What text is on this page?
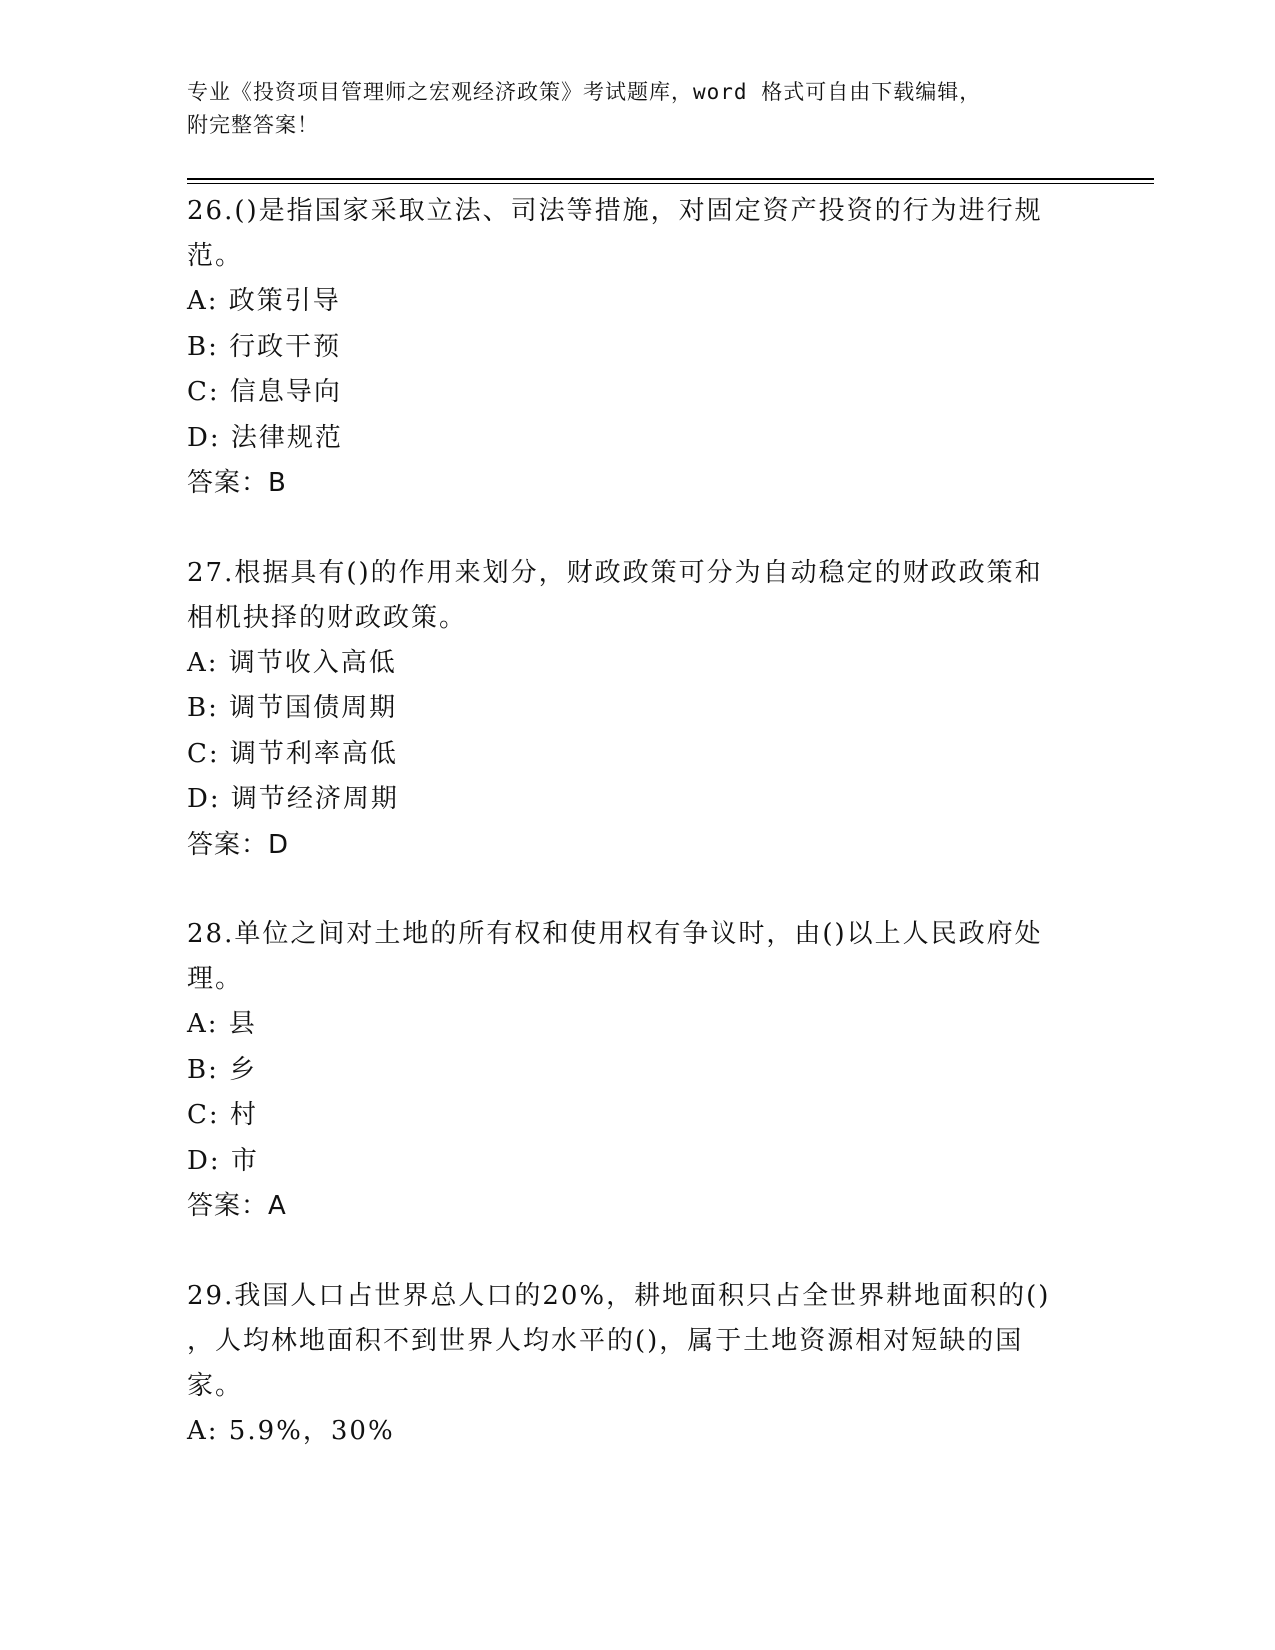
专业《投资项目管理师之宏观经济政策》考试题库，word 格式可自由下载编辑，
附完整答案！

26.()是指国家采取立法、司法等措施，对固定资产投资的行为进行规

范。

A: 政策引导

B: 行政干预

C: 信息导向

D: 法律规范

答案：B

27.根据具有()的作用来划分，财政政策可分为自动稳定的财政政策和

相机抉择的财政政策。

A: 调节收入高低

B: 调节国债周期

C: 调节利率高低

D: 调节经济周期

答案：D

28.单位之间对土地的所有权和使用权有争议时，由()以上人民政府处

理。

A: 县

B: 乡

C: 村

D: 市

答案：A

29.我国人口占世界总人口的20%，耕地面积只占全世界耕地面积的()

，人均林地面积不到世界人均水平的()，属于土地资源相对短缺的国

家。

A: 5.9%，30%
